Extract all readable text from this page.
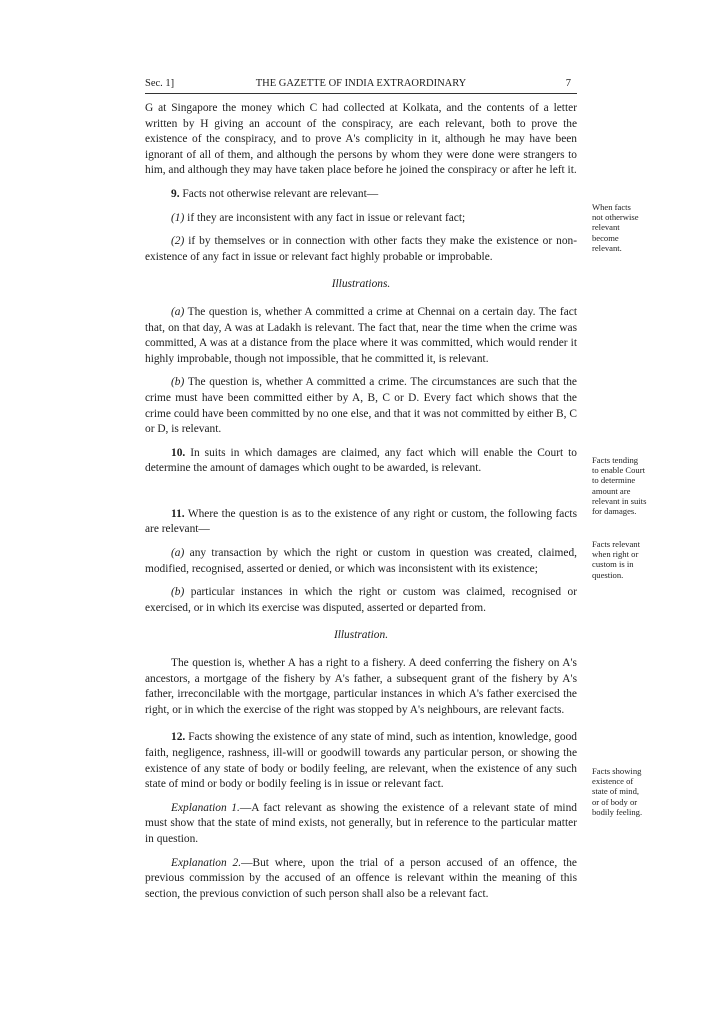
Sec. 1]	THE GAZETTE OF INDIA EXTRAORDINARY	7

G at Singapore the money which C had collected at Kolkata, and the contents of a letter written by H giving an account of the conspiracy, are each relevant, both to prove the existence of the conspiracy, and to prove A's complicity in it, although he may have been ignorant of all of them, and although the persons by whom they were done were strangers to him, and although they may have taken place before he joined the conspiracy or after he left it.

9. Facts not otherwise relevant are relevant—

(1) if they are inconsistent with any fact in issue or relevant fact;

(2) if by themselves or in connection with other facts they make the existence or non-existence of any fact in issue or relevant fact highly probable or improbable.

Illustrations.

(a) The question is, whether A committed a crime at Chennai on a certain day. The fact that, on that day, A was at Ladakh is relevant. The fact that, near the time when the crime was committed, A was at a distance from the place where it was committed, which would render it highly improbable, though not impossible, that he committed it, is relevant.

(b) The question is, whether A committed a crime. The circumstances are such that the crime must have been committed either by A, B, C or D. Every fact which shows that the crime could have been committed by no one else, and that it was not committed by either B, C or D, is relevant.

10. In suits in which damages are claimed, any fact which will enable the Court to determine the amount of damages which ought to be awarded, is relevant.

11. Where the question is as to the existence of any right or custom, the following facts are relevant—

(a) any transaction by which the right or custom in question was created, claimed, modified, recognised, asserted or denied, or which was inconsistent with its existence;

(b) particular instances in which the right or custom was claimed, recognised or exercised, or in which its exercise was disputed, asserted or departed from.

Illustration.

The question is, whether A has a right to a fishery. A deed conferring the fishery on A's ancestors, a mortgage of the fishery by A's father, a subsequent grant of the fishery by A's father, irreconcilable with the mortgage, particular instances in which A's father exercised the right, or in which the exercise of the right was stopped by A's neighbours, are relevant facts.

12. Facts showing the existence of any state of mind, such as intention, knowledge, good faith, negligence, rashness, ill-will or goodwill towards any particular person, or showing the existence of any state of body or bodily feeling, are relevant, when the existence of any such state of mind or body or bodily feeling is in issue or relevant fact.

Explanation 1.—A fact relevant as showing the existence of a relevant state of mind must show that the state of mind exists, not generally, but in reference to the particular matter in question.

Explanation 2.—But where, upon the trial of a person accused of an offence, the previous commission by the accused of an offence is relevant within the meaning of this section, the previous conviction of such person shall also be a relevant fact.

When facts
not otherwise
relevant
become
relevant.
Facts tending
to enable Court
to determine
amount are
relevant in suits
for damages.
Facts relevant
when right or
custom is in
question.
Facts showing
existence of
state of mind,
or of body or
bodily feeling.
